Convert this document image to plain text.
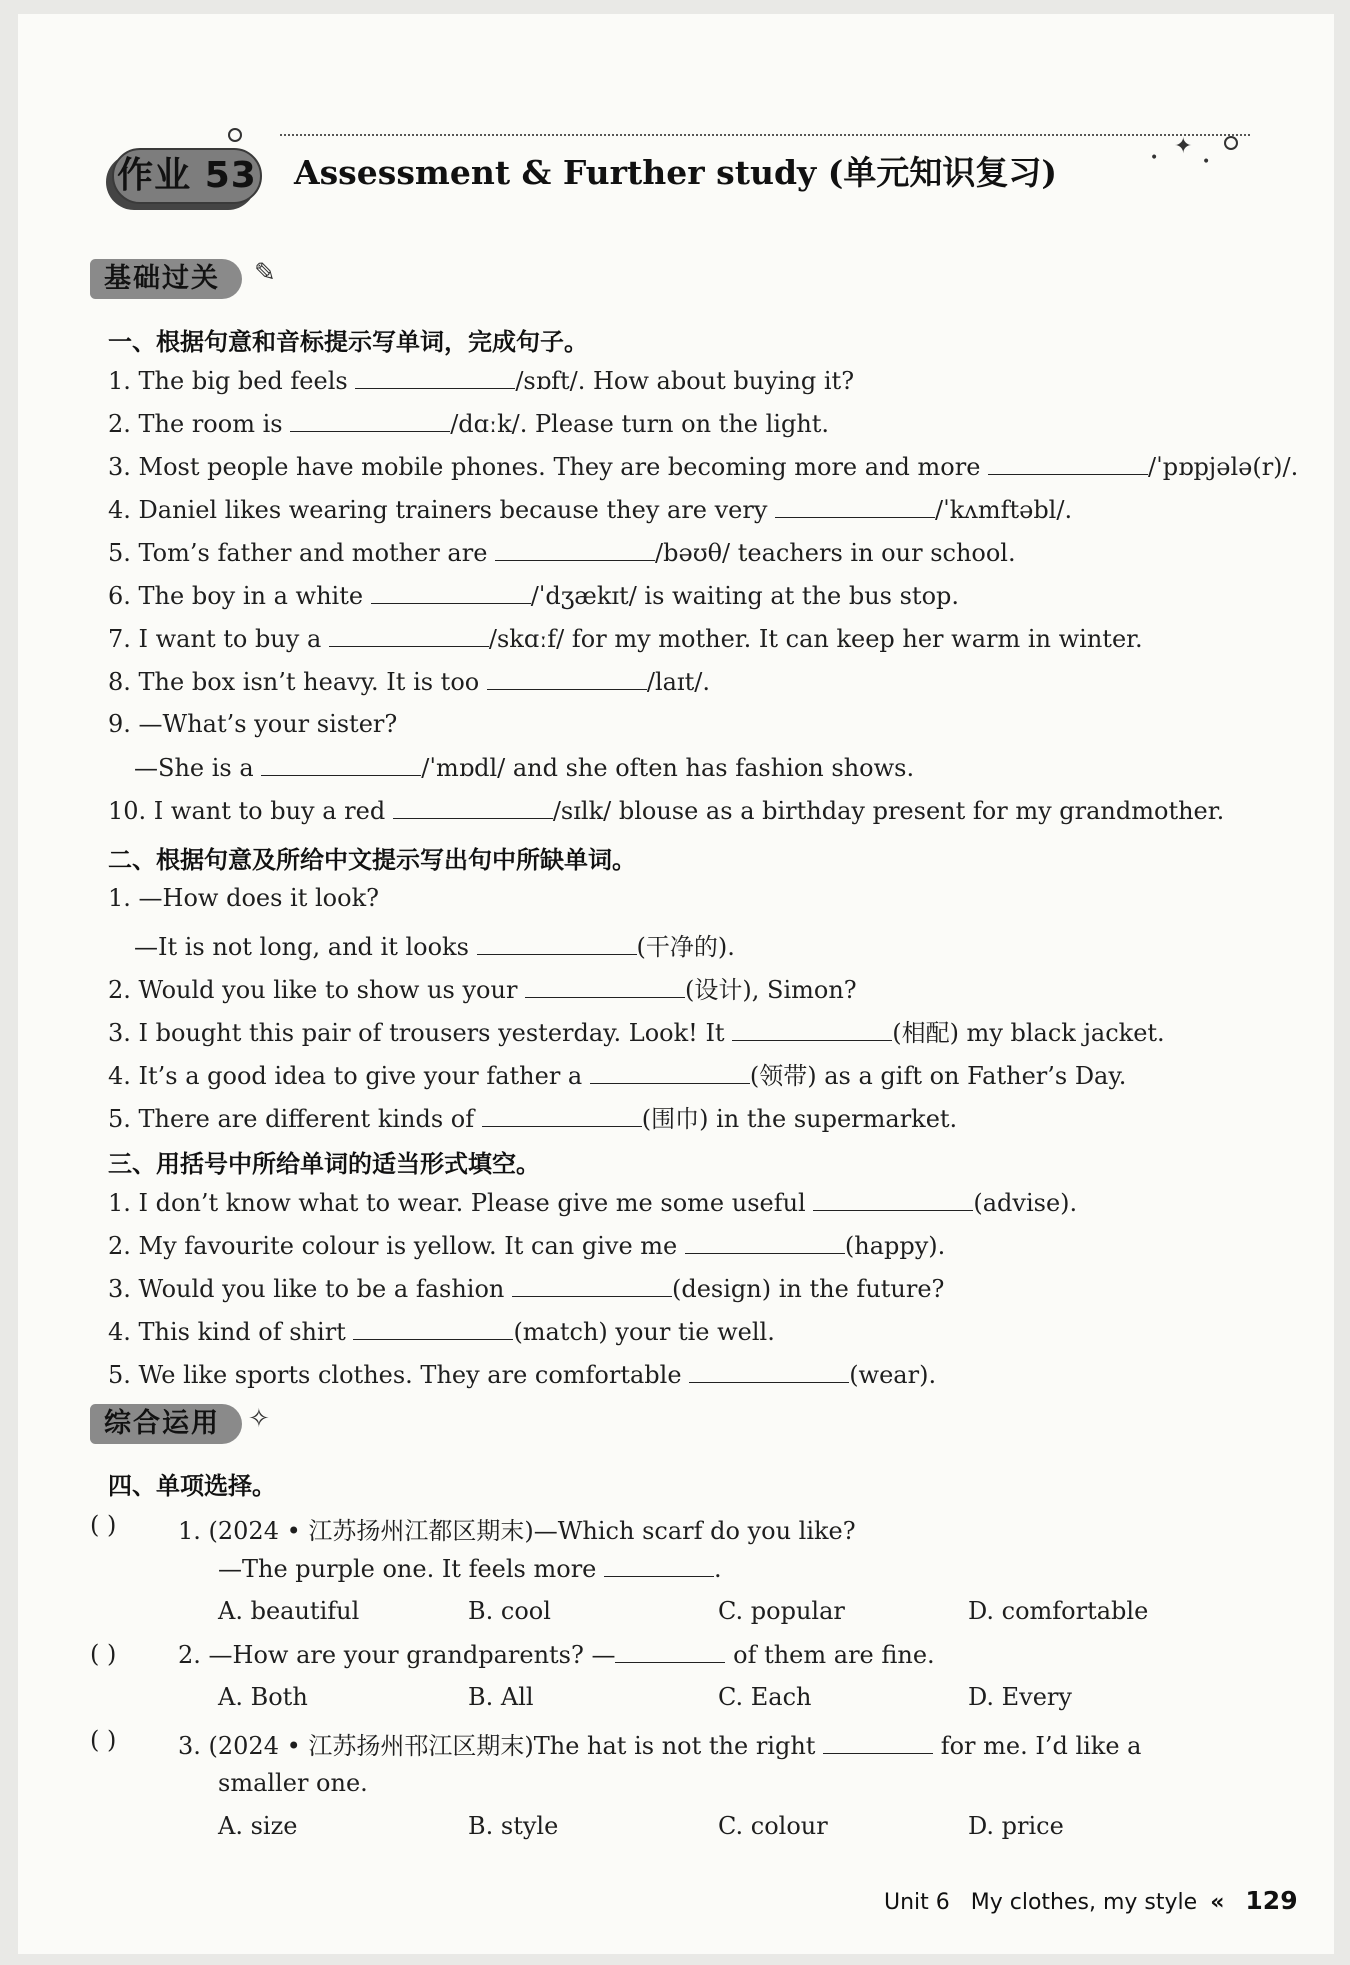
✦
•	•
作业 53 Assessment & Further study (单元知识复习)
基础过关	✎
一、根据句意和音标提示写单词，完成句子。
1. The big bed feels	/sɒft/. How about buying it?
2. The room is	/dɑːk/. Please turn on the light.
3. Most people have mobile phones. They are becoming more and more	/ˈpɒpjələ(r)/.
4. Daniel likes wearing trainers because they are very	/ˈkʌmftəbl/.
5. Tom’s father and mother are	/bəʊθ/ teachers in our school.
6. The boy in a white	/ˈdʒækɪt/ is waiting at the bus stop.
7. I want to buy a	/skɑːf/ for my mother. It can keep her warm in winter.
8. The box isn’t heavy. It is too	/laɪt/.
9. —What’s your sister?
—She is a	/ˈmɒdl/ and she often has fashion shows.
10. I want to buy a red	/sɪlk/ blouse as a birthday present for my grandmother.
二、根据句意及所给中文提示写出句中所缺单词。
1. —How does it look?
—It is not long, and it looks	(干净的).
2. Would you like to show us your	(设计), Simon?
3. I bought this pair of trousers yesterday. Look! It	(相配) my black jacket.
4. It’s a good idea to give your father a	(领带) as a gift on Father’s Day.
5. There are different kinds of	(围巾) in the supermarket.
三、用括号中所给单词的适当形式填空。
1. I don’t know what to wear. Please give me some useful	(advise).
2. My favourite colour is yellow. It can give me	(happy).
3. Would you like to be a fashion	(design) in the future?
4. This kind of shirt	(match) your tie well.
5. We like sports clothes. They are comfortable	(wear).
综合运用	✧
四、单项选择。
( )	1. (2024 • 江苏扬州江都区期末)—Which scarf do you like?
—The purple one. It feels more	.
A. beautiful	B. cool	C. popular	D. comfortable
( )	2. —How are your grandparents? —	of them are fine.
A. Both	B. All	C. Each	D. Every
( )	3. (2024 • 江苏扬州邗江区期末)The hat is not the right	for me. I’d like a
smaller one.
A. size	B. style	C. colour	D. price
Unit 6 My clothes, my style « 129
